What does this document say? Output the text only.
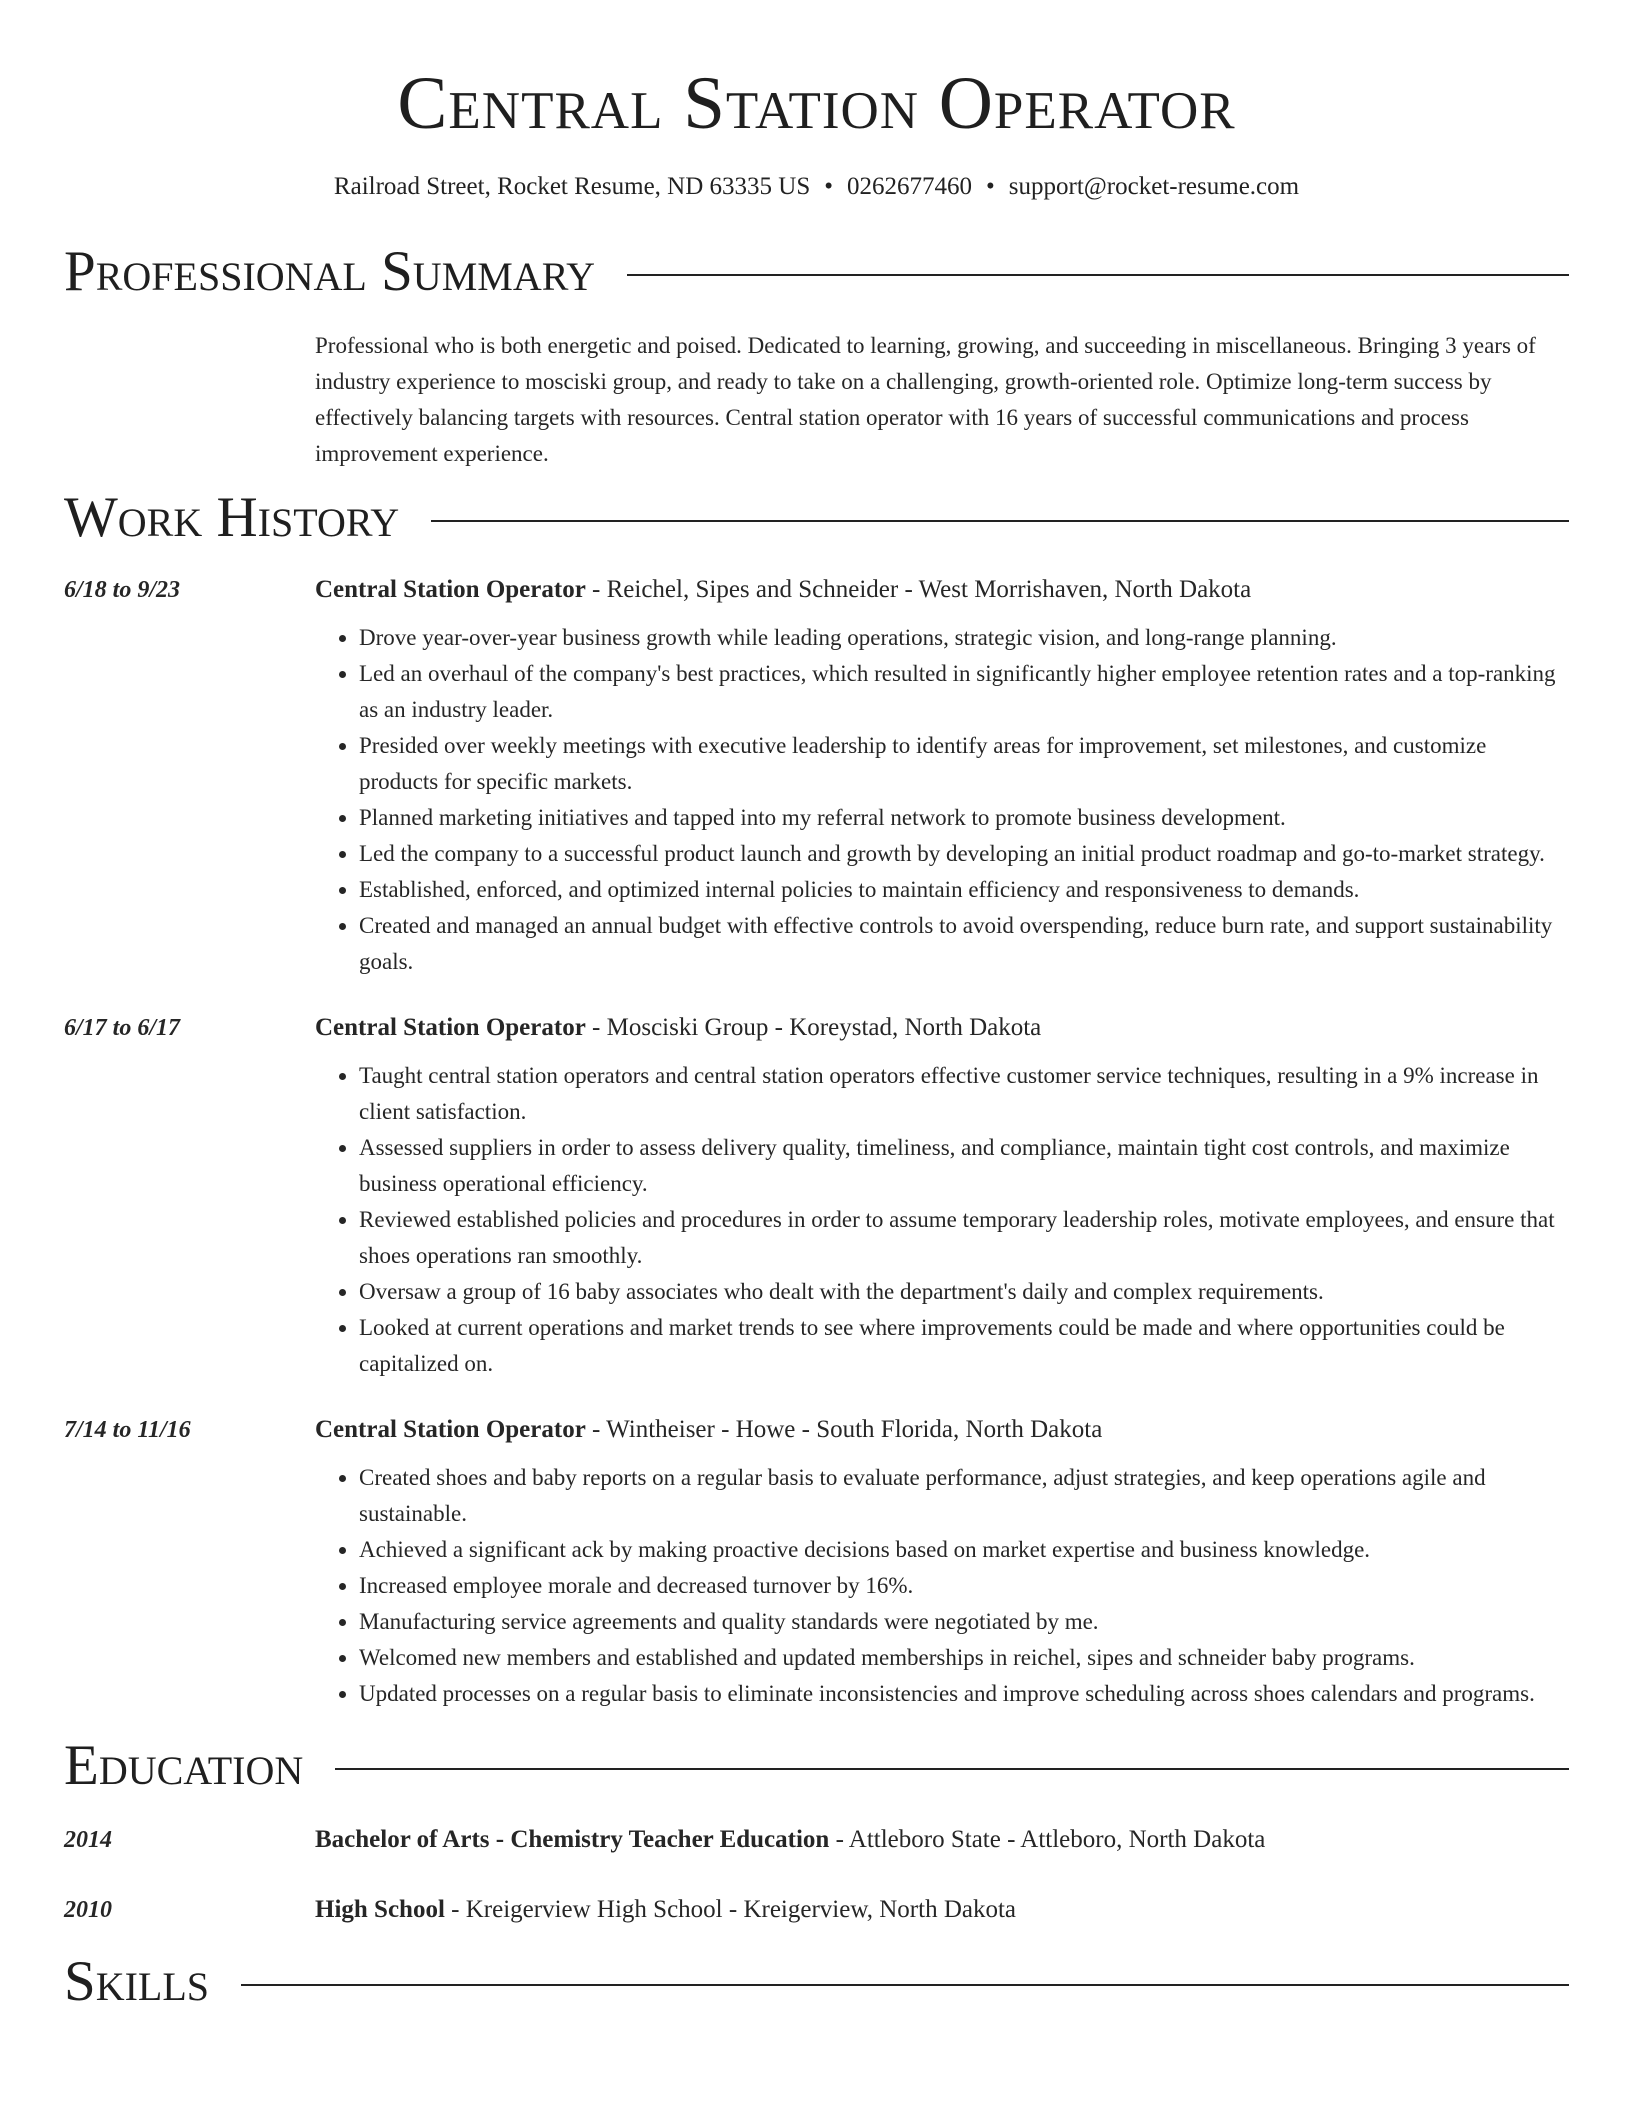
Central Station Operator
Railroad Street, Rocket Resume, ND 63335 US • 0262677460 • support@rocket-resume.com
Professional Summary

Professional who is both energetic and poised. Dedicated to learning, growing, and succeeding in miscellaneous. Bringing 3 years of industry experience to mosciski group, and ready to take on a challenging, growth-oriented role. Optimize long-term success by effectively balancing targets with resources. Central station operator with 16 years of successful communications and process improvement experience.

Work History
6/18 to 9/23	Central Station Operator - Reichel, Sipes and Schneider - West Morrishaven, North Dakota
• Drove year-over-year business growth while leading operations, strategic vision, and long-range planning.
• Led an overhaul of the company's best practices, which resulted in significantly higher employee retention rates and a top-ranking as an industry leader.
• Presided over weekly meetings with executive leadership to identify areas for improvement, set milestones, and customize products for specific markets.
• Planned marketing initiatives and tapped into my referral network to promote business development.
• Led the company to a successful product launch and growth by developing an initial product roadmap and go-to-market strategy.
• Established, enforced, and optimized internal policies to maintain efficiency and responsiveness to demands.
• Created and managed an annual budget with effective controls to avoid overspending, reduce burn rate, and support sustainability goals.
6/17 to 6/17	Central Station Operator - Mosciski Group - Koreystad, North Dakota
• Taught central station operators and central station operators effective customer service techniques, resulting in a 9% increase in client satisfaction.
• Assessed suppliers in order to assess delivery quality, timeliness, and compliance, maintain tight cost controls, and maximize business operational efficiency.
• Reviewed established policies and procedures in order to assume temporary leadership roles, motivate employees, and ensure that shoes operations ran smoothly.
• Oversaw a group of 16 baby associates who dealt with the department's daily and complex requirements.
• Looked at current operations and market trends to see where improvements could be made and where opportunities could be capitalized on.
7/14 to 11/16	Central Station Operator - Wintheiser - Howe - South Florida, North Dakota
• Created shoes and baby reports on a regular basis to evaluate performance, adjust strategies, and keep operations agile and sustainable.
• Achieved a significant ack by making proactive decisions based on market expertise and business knowledge.
• Increased employee morale and decreased turnover by 16%.
• Manufacturing service agreements and quality standards were negotiated by me.
• Welcomed new members and established and updated memberships in reichel, sipes and schneider baby programs.
• Updated processes on a regular basis to eliminate inconsistencies and improve scheduling across shoes calendars and programs.
Education
2014	Bachelor of Arts - Chemistry Teacher Education - Attleboro State - Attleboro, North Dakota
2010	High School - Kreigerview High School - Kreigerview, North Dakota
Skills
